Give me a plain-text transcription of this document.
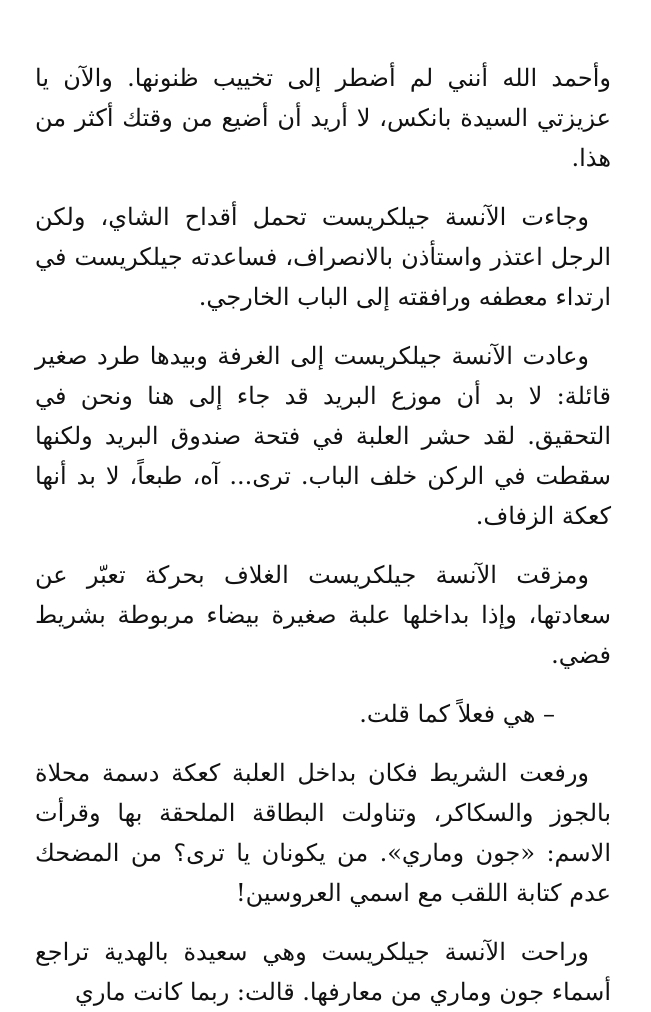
وأحمد الله أنني لم أضطر إلى تخييب ظنونها. والآن يا عزيزتي السيدة بانكس، لا أريد أن أضيع من وقتك أكثر من هذا.

وجاءت الآنسة جيلكريست تحمل أقداح الشاي، ولكن الرجل اعتذر واستأذن بالانصراف، فساعدته جيلكريست في ارتداء معطفه ورافقته إلى الباب الخارجي.

وعادت الآنسة جيلكريست إلى الغرفة وبيدها طرد صغير قائلة: لا بد أن موزع البريد قد جاء إلى هنا ونحن في التحقيق. لقد حشر العلبة في فتحة صندوق البريد ولكنها سقطت في الركن خلف الباب. ترى... آه، طبعاً، لا بد أنها كعكة الزفاف.

ومزقت الآنسة جيلكريست الغلاف بحركة تعبّر عن سعادتها، وإذا بداخلها علبة صغيرة بيضاء مربوطة بشريط فضي.

– هي فعلاً كما قلت.

ورفعت الشريط فكان بداخل العلبة كعكة دسمة محلاة بالجوز والسكاكر، وتناولت البطاقة الملحقة بها وقرأت الاسم: «جون وماري». من يكونان يا ترى؟ من المضحك عدم كتابة اللقب مع اسمي العروسين!

وراحت الآنسة جيلكريست وهي سعيدة بالهدية تراجع أسماء جون وماري من معارفها. قالت: ربما كانت ماري
